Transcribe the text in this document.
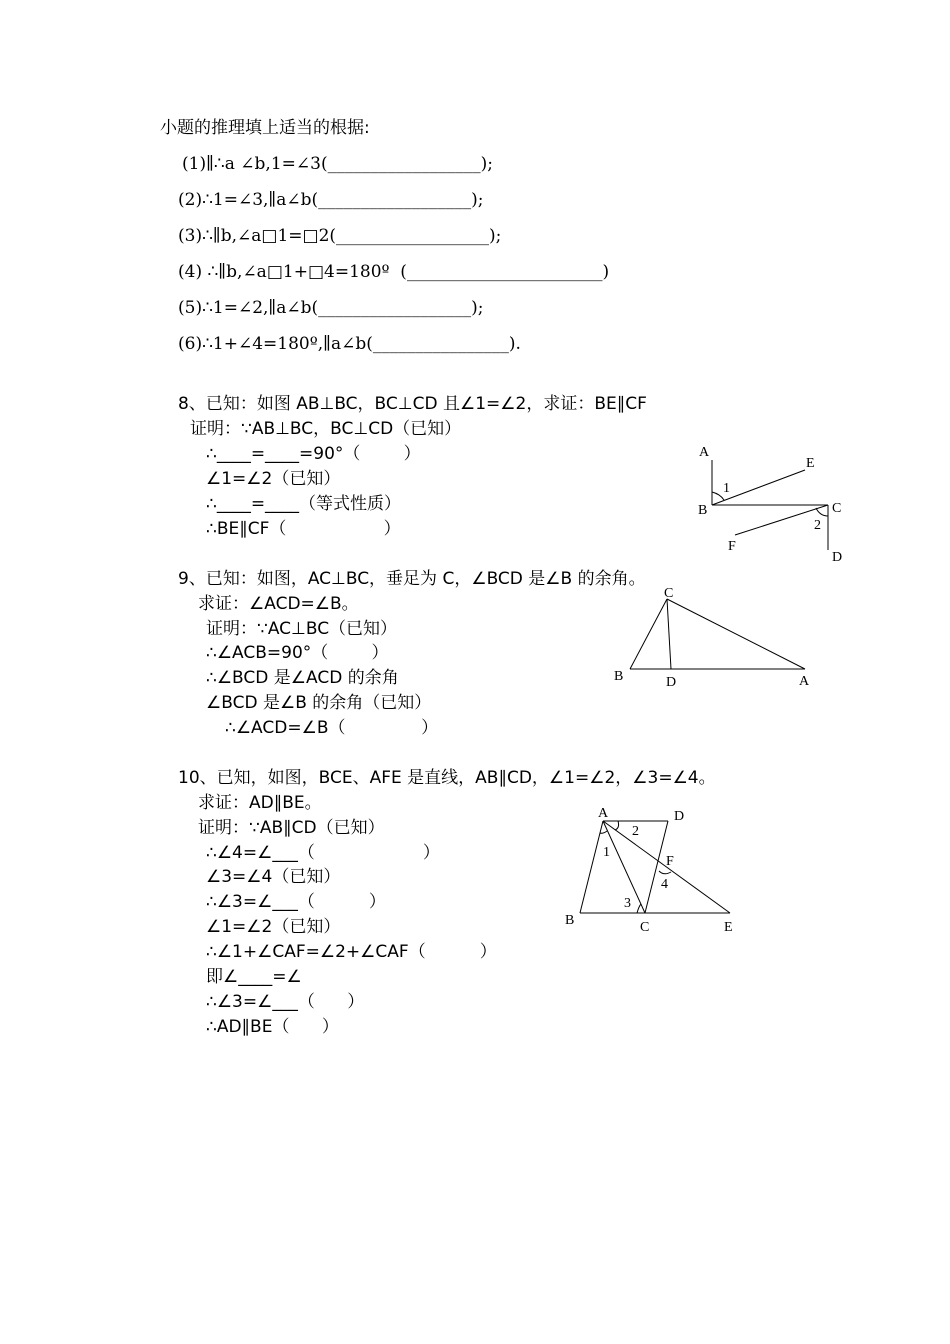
小题的推理填上适当的根据:
(1)∥∴a ∠b,1=∠3(__________________);
(2)∴1=∠3,∥a∠b(__________________);
(3)∴∥b,∠a□1=□2(__________________);
(4) ∴∥b,∠a□1+□4=180º  (_______________________)
(5)∴1=∠2,∥a∠b(__________________);
(6)∴1+∠4=180º,∥a∠b(________________).
8、已知：如图 AB⊥BC，BC⊥CD 且∠1=∠2，求证：BE∥CF
证明：∵AB⊥BC，BC⊥CD（已知）
∴____=____=90°（        ）
∠1=∠2（已知）
∴____=____（等式性质）
∴BE∥CF（                  ）
A
B	C
D
E
F
1
2
9、已知：如图，AC⊥BC，垂足为 C，∠BCD 是∠B 的余角。
求证：∠ACD=∠B。
证明：∵AC⊥BC（已知）
∴∠ACB=90°（        ）
∴∠BCD 是∠ACD 的余角
∠BCD 是∠B 的余角（已知）
∴∠ACD=∠B（              ）
C
B	D	A
10、已知，如图，BCE、AFE 是直线，AB∥CD，∠1=∠2，∠3=∠4。
求证：AD∥BE。
证明：∵AB∥CD（已知）
∴∠4=∠___（                    ）
∠3=∠4（已知）
∴∠3=∠___（          ）
∠1=∠2（已知）
∴∠1+∠CAF=∠2+∠CAF（          ）
即∠____=∠
∴∠3=∠___（      ）
∴AD∥BE（      ）
A	D
B	C	E
F
1
2
3
4
